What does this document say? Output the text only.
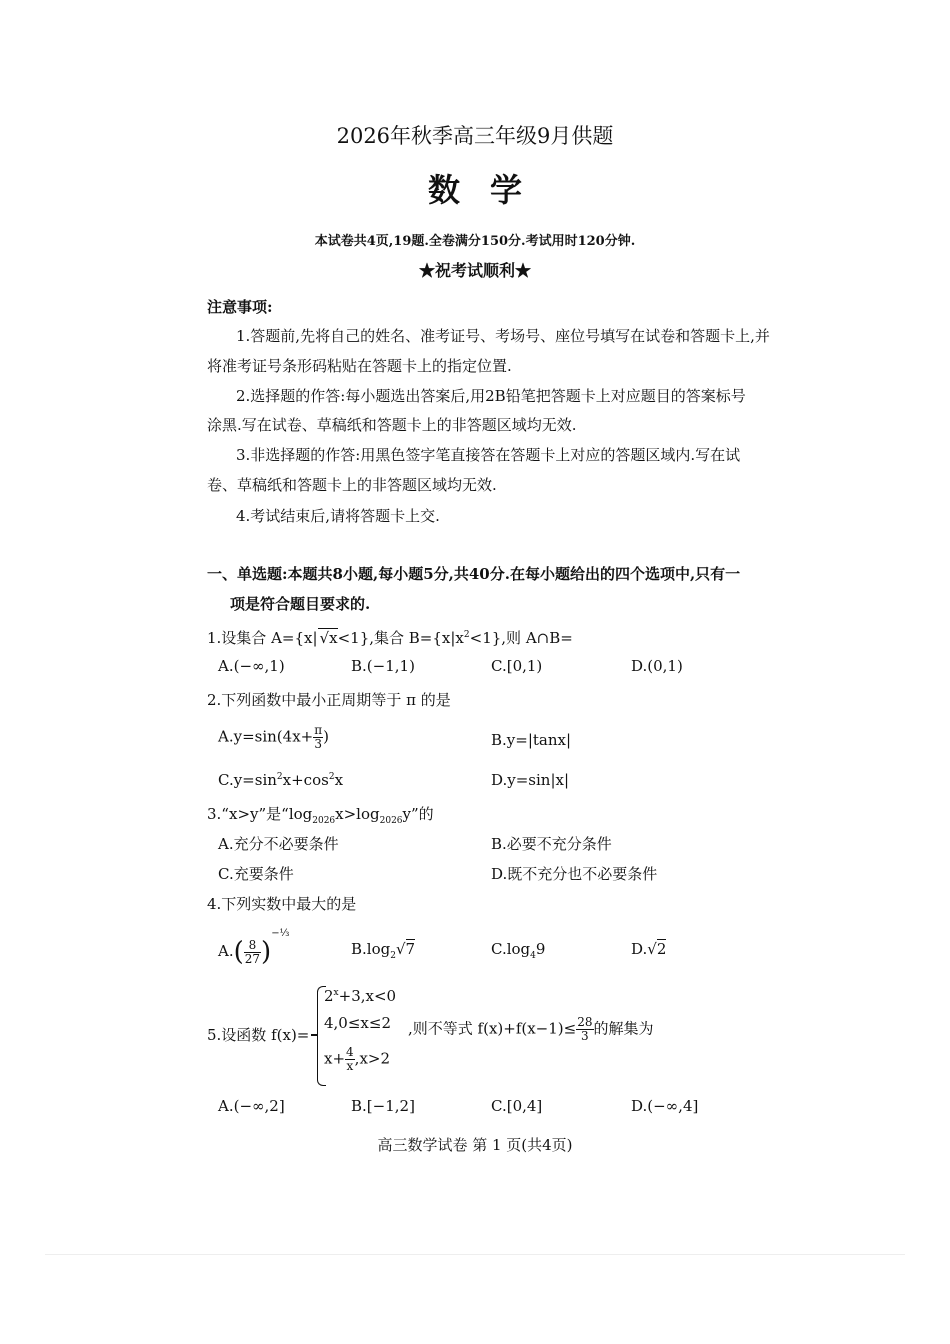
2026年秋季高三年级9月供题
数学
本试卷共4页,19题.全卷满分150分.考试用时120分钟.
★祝考试顺利★
注意事项:
1.答题前,先将自己的姓名、准考证号、考场号、座位号填写在试卷和答题卡上,并
将准考证号条形码粘贴在答题卡上的指定位置.
2.选择题的作答:每小题选出答案后,用2B铅笔把答题卡上对应题目的答案标号
涂黑.写在试卷、草稿纸和答题卡上的非答题区域均无效.
3.非选择题的作答:用黑色签字笔直接答在答题卡上对应的答题区域内.写在试
卷、草稿纸和答题卡上的非答题区域均无效.
4.考试结束后,请将答题卡上交.
一、单选题:本题共8小题,每小题5分,共40分.在每小题给出的四个选项中,只有一
项是符合题目要求的.
1.设集合 A={x| √x<1},集合 $B=\{x|x^2<1\}$,则 A∩B=
A.(−∞,1)	B.(−1,1)	C.[0,1)	D.(0,1)
2.下列函数中最小正周期等于 π 的是
$A.y=\sin(4x+ \frac{\pi}{3}$ )	B.y=|tanx|
$C.y=\sin^2x+\cos^2x$	D.y=sin|x|
3.“x>y”是“$\log_{2026}x>\log_{2026}y$”的
A.充分不必要条件	B.必要不充分条件
C.充要条件	D.既不充分也不必要条件
4.下列实数中最大的是
$A.( \frac{8}{27} )^{-\frac{1}{3}}$
$B.\log_2√7$	$C.\log_49$	D.√2
5.设函数 f(x)=
$2^x+3,x<0$
4,0≤x≤2
$x+ \frac{4}{x} ,x>2$
,则不等式 $f(x)+f(x-1)\le \frac{28}{3}$ 的解集为
A.(−∞,2]	B.[−1,2]	C.[0,4]	D.(−∞,4]
高三数学试卷 第 1 页(共4页)
